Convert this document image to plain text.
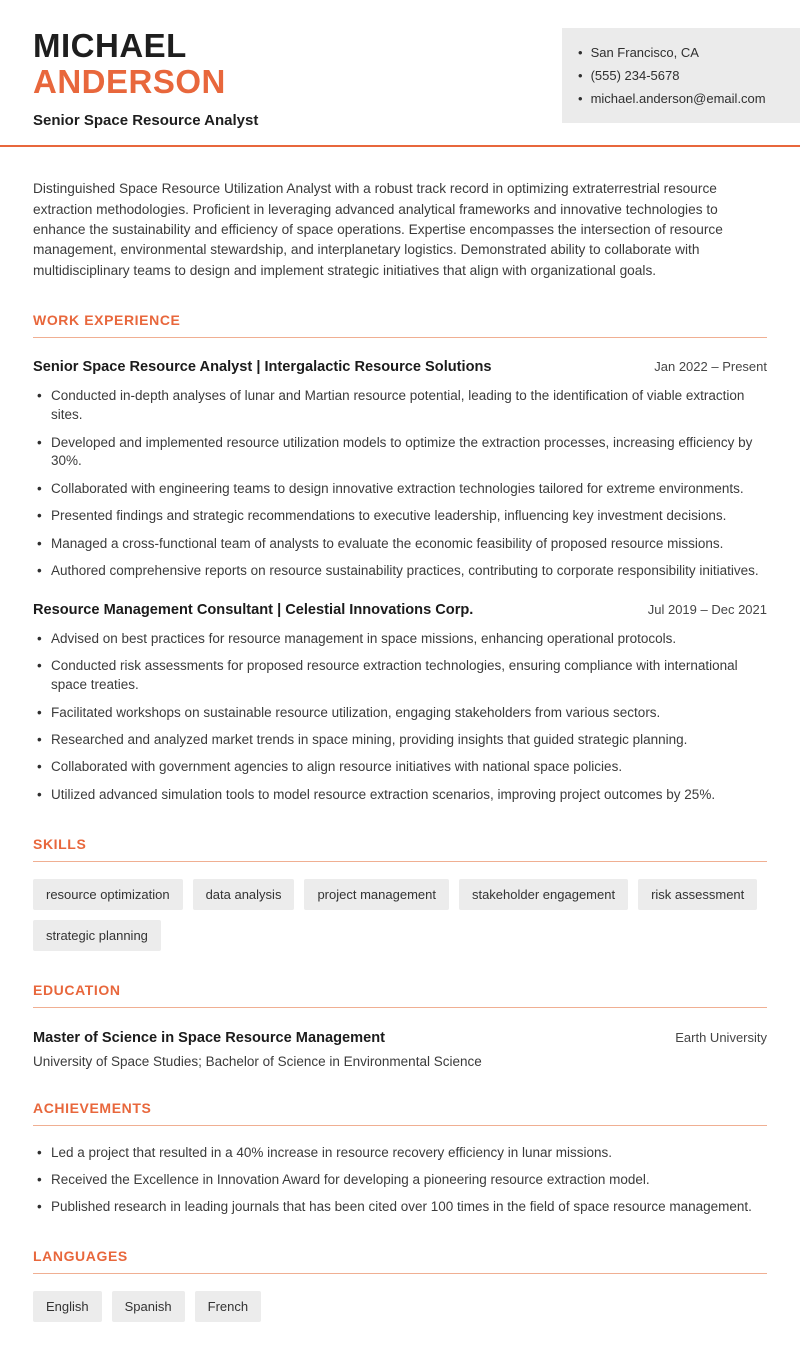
MICHAEL
ANDERSON
Senior Space Resource Analyst
• San Francisco, CA
• (555) 234-5678
• michael.anderson@email.com

Distinguished Space Resource Utilization Analyst with a robust track record in optimizing extraterrestrial resource extraction methodologies. Proficient in leveraging advanced analytical frameworks and innovative technologies to enhance the sustainability and efficiency of space operations. Expertise encompasses the intersection of resource management, environmental stewardship, and interplanetary logistics. Demonstrated ability to collaborate with multidisciplinary teams to design and implement strategic initiatives that align with organizational goals.

WORK EXPERIENCE
Senior Space Resource Analyst | Intergalactic Resource Solutions	Jan 2022 – Present
• Conducted in-depth analyses of lunar and Martian resource potential, leading to the identification of viable extraction sites.
• Developed and implemented resource utilization models to optimize the extraction processes, increasing efficiency by 30%.
• Collaborated with engineering teams to design innovative extraction technologies tailored for extreme environments.
• Presented findings and strategic recommendations to executive leadership, influencing key investment decisions.
• Managed a cross-functional team of analysts to evaluate the economic feasibility of proposed resource missions.
• Authored comprehensive reports on resource sustainability practices, contributing to corporate responsibility initiatives.
Resource Management Consultant | Celestial Innovations Corp.	Jul 2019 – Dec 2021
• Advised on best practices for resource management in space missions, enhancing operational protocols.
• Conducted risk assessments for proposed resource extraction technologies, ensuring compliance with international space treaties.
• Facilitated workshops on sustainable resource utilization, engaging stakeholders from various sectors.
• Researched and analyzed market trends in space mining, providing insights that guided strategic planning.
• Collaborated with government agencies to align resource initiatives with national space policies.
• Utilized advanced simulation tools to model resource extraction scenarios, improving project outcomes by 25%.
SKILLS
resource optimization	data analysis	project management	stakeholder engagement	risk assessment
strategic planning
EDUCATION
Master of Science in Space Resource Management	Earth University
University of Space Studies; Bachelor of Science in Environmental Science
ACHIEVEMENTS
• Led a project that resulted in a 40% increase in resource recovery efficiency in lunar missions.
• Received the Excellence in Innovation Award for developing a pioneering resource extraction model.
• Published research in leading journals that has been cited over 100 times in the field of space resource management.
LANGUAGES
English	Spanish	French
